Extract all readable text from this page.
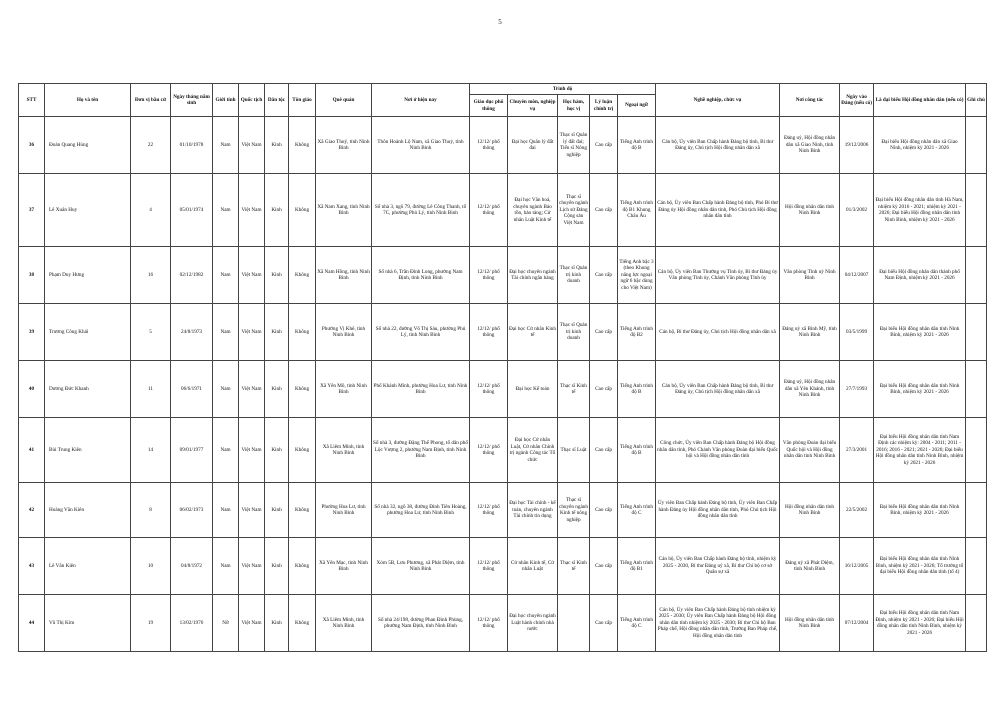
5
STT	Họ và tên	Đơn vị bầu cử	Ngày tháng năm sinh	Giới tính	Quốc tịch	Dân tộc	Tôn giáo	Quê quán	Nơi ở hiện nay	Trình độ					Nghề nghiệp, chức vụ	Nơi công tác	Ngày vào Đảng (nếu có)	Là đại biểu Hội đồng nhân dân (nếu có)	Ghi chú
										Giáo dục phổ thông	Chuyên môn, nghiệp vụ	Học hàm, học vị	Lý luận chính trị	Ngoại ngữ					
36	Đoàn Quang Hùng	22	01/10/1978	Nam	Việt Nam	Kinh	Không	Xã Giao Thuỷ, tỉnh Ninh Bình	Thôn Hoành Lộ Nam, xã Giao Thuỷ, tỉnh Ninh Bình	12/12/ phổ thông	Đại học Quân lý đất đai	Thạc sĩ Quản lý đất đai; Tiến sĩ Nông nghiệp	Cao cấp	Tiếng Anh trình độ B	Cán bộ, Ủy viên Ban Chấp hành Đảng bộ tỉnh, Bí thư Đảng ủy, Chủ tịch Hội đồng nhân dân xã	Đảng uỷ, Hội đồng nhân dân xã Giao Ninh, tỉnh Ninh Bình	19/12/2006	Đại biểu Hội đồng nhân dân xã Giao Ninh, nhiệm kỳ 2021 - 2026	
37	Lê Xuân Huy	4	05/01/1974	Nam	Việt Nam	Kinh	Không	Xã Nam Xang, tỉnh Ninh Bình	Số nhà 3, ngõ 79, đường Lê Công Thanh, tổ 7C, phường Phủ Lý, tỉnh Ninh Bình	12/12/ phổ thông	Đại học Văn hoá, chuyên ngành Bảo tồn, bảo tàng; Cử nhân Luật Kinh tế	Thạc sĩ chuyên ngành Lịch sử Đảng Cộng sản Việt Nam	Cao cấp	Tiếng Anh trình độ B1 Khung Châu Âu	Cán bộ, Ủy viên Ban Chấp hành Đảng bộ tỉnh, Phó Bí thư Đảng ủy Hội đồng nhân dân tỉnh, Phó Chủ tịch Hội đồng nhân dân tỉnh	Hội đồng nhân dân tỉnh Ninh Bình	01/3/2002	Đại biểu Hội đồng nhân dân tỉnh Hà Nam, nhiệm kỳ 2016 - 2021; nhiệm kỳ 2021 - 2026; Đại biểu Hội đồng nhân dân tỉnh Ninh Bình, nhiệm kỳ 2021 - 2026	
38	Phạm Duy Hưng	16	02/12/1982	Nam	Việt Nam	Kinh	Không	Xã Nam Hồng, tỉnh Ninh Bình	Số nhà 6, Trần Đình Long, phường Nam Định, tỉnh Ninh Bình	12/12/ phổ thông	Đại học chuyên ngành Tài chính ngân hàng	Thạc sĩ Quản trị kinh doanh	Cao cấp	Tiếng Anh bậc 3 (theo Khung năng lực ngoại ngữ 6 bậc dùng cho Việt Nam)	Cán bộ, Ủy viên Ban Thường vụ Tỉnh ủy, Bí thư Đảng ủy Văn phòng Tỉnh ủy, Chánh Văn phòng Tỉnh ủy	Văn phòng Tỉnh uỷ Ninh Bình	04/12/2007	Đại biểu Hội đồng nhân dân thành phố Nam Định, nhiệm kỳ 2021 - 2026	
39	Trương Công Khải	5	24/8/1973	Nam	Việt Nam	Kinh	Không	Phường Vị Khê, tỉnh Ninh Bình	Số nhà 22, đường Võ Thị Sáu, phường Phủ Lý, tỉnh Ninh Bình	12/12/ phổ thông	Đại học Cử nhân Kinh tế	Thạc sĩ Quản trị kinh doanh	Cao cấp	Tiếng Anh trình độ B2	Cán bộ, Bí thư Đảng ủy, Chủ tịch Hội đồng nhân dân xã	Đảng uỷ xã Bình Mỹ, tỉnh Ninh Bình	03/5/1999	Đại biểu Hội đồng nhân dân tỉnh Ninh Bình, nhiệm kỳ 2021 - 2026	
40	Dương Đức Khanh	11	06/6/1971	Nam	Việt Nam	Kinh	Không	Xã Yên Mô, tỉnh Ninh Bình	Phố Khánh Minh, phường Hoa Lư, tỉnh Ninh Bình	12/12/ phổ thông	Đại học Kế toán	Thạc sĩ Kinh tế	Cao cấp	Tiếng Anh trình độ B	Cán bộ, Ủy viên Ban Chấp hành Đảng bộ tỉnh, Bí thư Đảng ủy, Chủ tịch Hội đồng nhân dân xã	Đảng uỷ, Hội đồng nhân dân xã Yên Khánh, tỉnh Ninh Bình	27/7/1993	Đại biểu Hội đồng nhân dân tỉnh Ninh Bình, nhiệm kỳ 2021 - 2026	
41	Bùi Trung Kiên	14	09/01/1977	Nam	Việt Nam	Kinh	Không	Xã Liêm Minh, tỉnh Ninh Bình	Số nhà 3, đường Đặng Thế Phong, tổ dân phố Lộc Vượng 2, phường Nam Định, tỉnh Ninh Bình	12/12/ phổ thông	Đại học Cử nhân Luật, Cử nhân Chính trị ngành Công tác Tổ chức	Thạc sĩ Luật	Cao cấp	Tiếng Anh trình độ B	Công chức, Ủy viên Ban Chấp hành Đảng bộ Hội đồng nhân dân tỉnh, Phó Chánh Văn phòng Đoàn đại biểu Quốc hội và Hội đồng nhân dân tỉnh	Văn phòng Đoàn đại biểu Quốc hội và Hội đồng nhân dân tỉnh Ninh Bình	27/3/2001	Đại biểu Hội đồng nhân dân tỉnh Nam Định các nhiệm kỳ: 2004 - 2011; 2011 - 2016; 2016 - 2021; 2021 - 2026; Đại biểu Hội đồng nhân dân tỉnh Ninh Bình, nhiệm kỳ 2021 - 2026	
42	Hoàng Văn Kiên	8	06/02/1973	Nam	Việt Nam	Kinh	Không	Phường Hoa Lư, tỉnh Ninh Bình	Số nhà 32, ngõ 38, đường Đinh Tiên Hoàng, phường Hoa Lư, tỉnh Ninh Bình	12/12/ phổ thông	Đại học Tài chính - kế toán, chuyên ngành Tài chính tín dụng	Thạc sĩ chuyên ngành Kinh tế nông nghiệp	Cao cấp	Tiếng Anh trình độ C	Ủy viên Ban Chấp hành Đảng bộ tỉnh, Ủy viên Ban Chấp hành Đảng ủy Hội đồng nhân dân tỉnh, Phó Chủ tịch Hội đồng nhân dân tỉnh	Hội đồng nhân dân tỉnh Ninh Bình	22/5/2002	Đại biểu Hội đồng nhân dân tỉnh Ninh Bình, nhiệm kỳ 2021 - 2026	
43	Lê Văn Kiên	10	04/8/1972	Nam	Việt Nam	Kinh	Không	Xã Yên Mạc, tỉnh Ninh Bình	Xóm 5B, Lưu Phương, xã Phát Diệm, tỉnh Ninh Bình	12/12/ phổ thông	Cử nhân Kinh tế, Cử nhân Luật	Thạc sĩ Kinh tế	Cao cấp	Tiếng Anh trình độ B1	Cán bộ, Ủy viên Ban Chấp hành Đảng bộ tỉnh, nhiệm kỳ 2025 - 2030, Bí thư Đảng uỷ xã, Bí thư Chi bộ cơ sở Quân sự xã	Đảng uỷ xã Phát Diệm, tỉnh Ninh Bình	16/12/2005	Đại biểu Hội đồng nhân dân tỉnh Ninh Bình, nhiệm kỳ 2021 - 2026; Tổ trưởng tổ đại biểu Hội đồng nhân dân tỉnh (tổ 4)	
44	Vũ Thị Kim	19	13/02/1976	Nữ	Việt Nam	Kinh	Không	Xã Liêm Minh, tỉnh Ninh Bình	Số nhà 24/198, đường Phan Đình Phùng, phường Nam Định, tỉnh Ninh Bình	12/12/ phổ thông	Đại học chuyên ngành Luật hành chính nhà nước		Cao cấp	Tiếng Anh trình độ C	Cán bộ, Ủy viên Ban Chấp hành Đảng bộ tỉnh nhiệm kỳ 2025 - 2030; Ủy viên Ban Chấp hành Đảng bộ Hội đồng nhân dân tỉnh nhiệm kỳ 2025 - 2030; Bí thư Chi bộ Ban Pháp chế, Hội đồng nhân dân tỉnh, Trưởng Ban Pháp chế, Hội đồng nhân dân tỉnh	Hội đồng nhân dân tỉnh Ninh Bình	07/12/2004	Đại biểu Hội đồng nhân dân tỉnh Nam Định, nhiệm kỳ 2021 - 2026; Đại biểu Hội đồng nhân dân tỉnh Ninh Bình, nhiệm kỳ 2021 - 2026	
